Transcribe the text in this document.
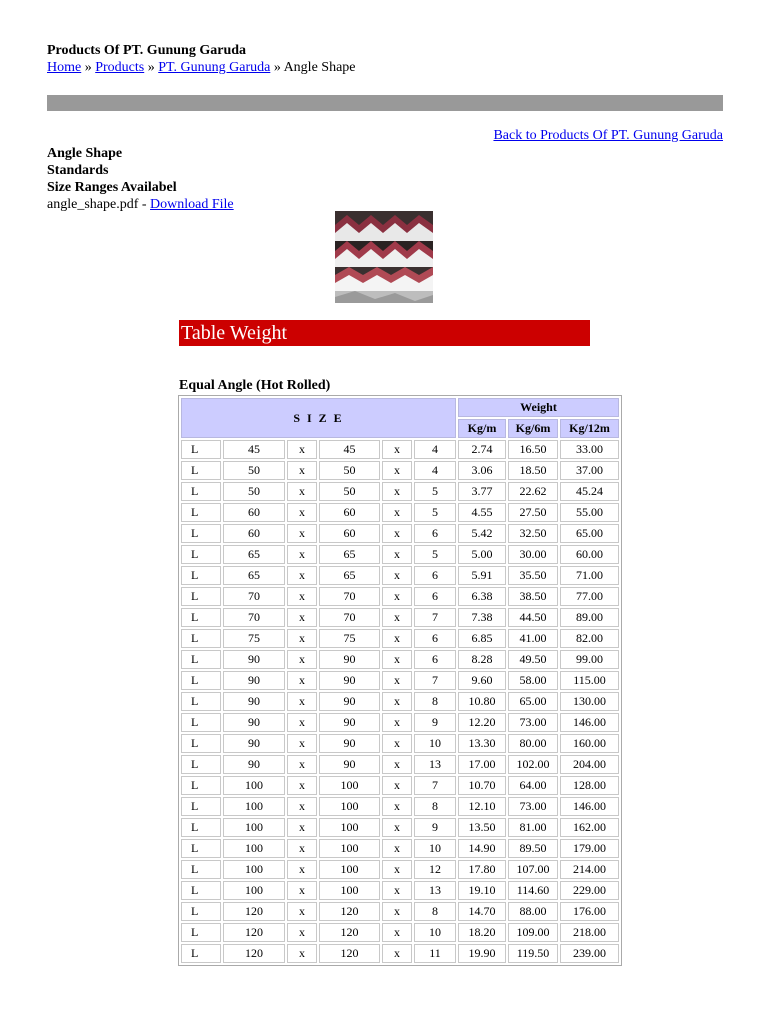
Products Of PT. Gunung Garuda
Home » Products » PT. Gunung Garuda » Angle Shape
Back to Products Of PT. Gunung Garuda
Angle Shape
Standards
Size Ranges Availabel
angle_shape.pdf - Download File
Table Weight
Equal Angle (Hot Rolled)
S I Z E						Weight		
						Kg/m	Kg/6m	Kg/12m
L	45	x	45	x	4	2.74	16.50	33.00
L	50	x	50	x	4	3.06	18.50	37.00
L	50	x	50	x	5	3.77	22.62	45.24
L	60	x	60	x	5	4.55	27.50	55.00
L	60	x	60	x	6	5.42	32.50	65.00
L	65	x	65	x	5	5.00	30.00	60.00
L	65	x	65	x	6	5.91	35.50	71.00
L	70	x	70	x	6	6.38	38.50	77.00
L	70	x	70	x	7	7.38	44.50	89.00
L	75	x	75	x	6	6.85	41.00	82.00
L	90	x	90	x	6	8.28	49.50	99.00
L	90	x	90	x	7	9.60	58.00	115.00
L	90	x	90	x	8	10.80	65.00	130.00
L	90	x	90	x	9	12.20	73.00	146.00
L	90	x	90	x	10	13.30	80.00	160.00
L	90	x	90	x	13	17.00	102.00	204.00
L	100	x	100	x	7	10.70	64.00	128.00
L	100	x	100	x	8	12.10	73.00	146.00
L	100	x	100	x	9	13.50	81.00	162.00
L	100	x	100	x	10	14.90	89.50	179.00
L	100	x	100	x	12	17.80	107.00	214.00
L	100	x	100	x	13	19.10	114.60	229.00
L	120	x	120	x	8	14.70	88.00	176.00
L	120	x	120	x	10	18.20	109.00	218.00
L	120	x	120	x	11	19.90	119.50	239.00
